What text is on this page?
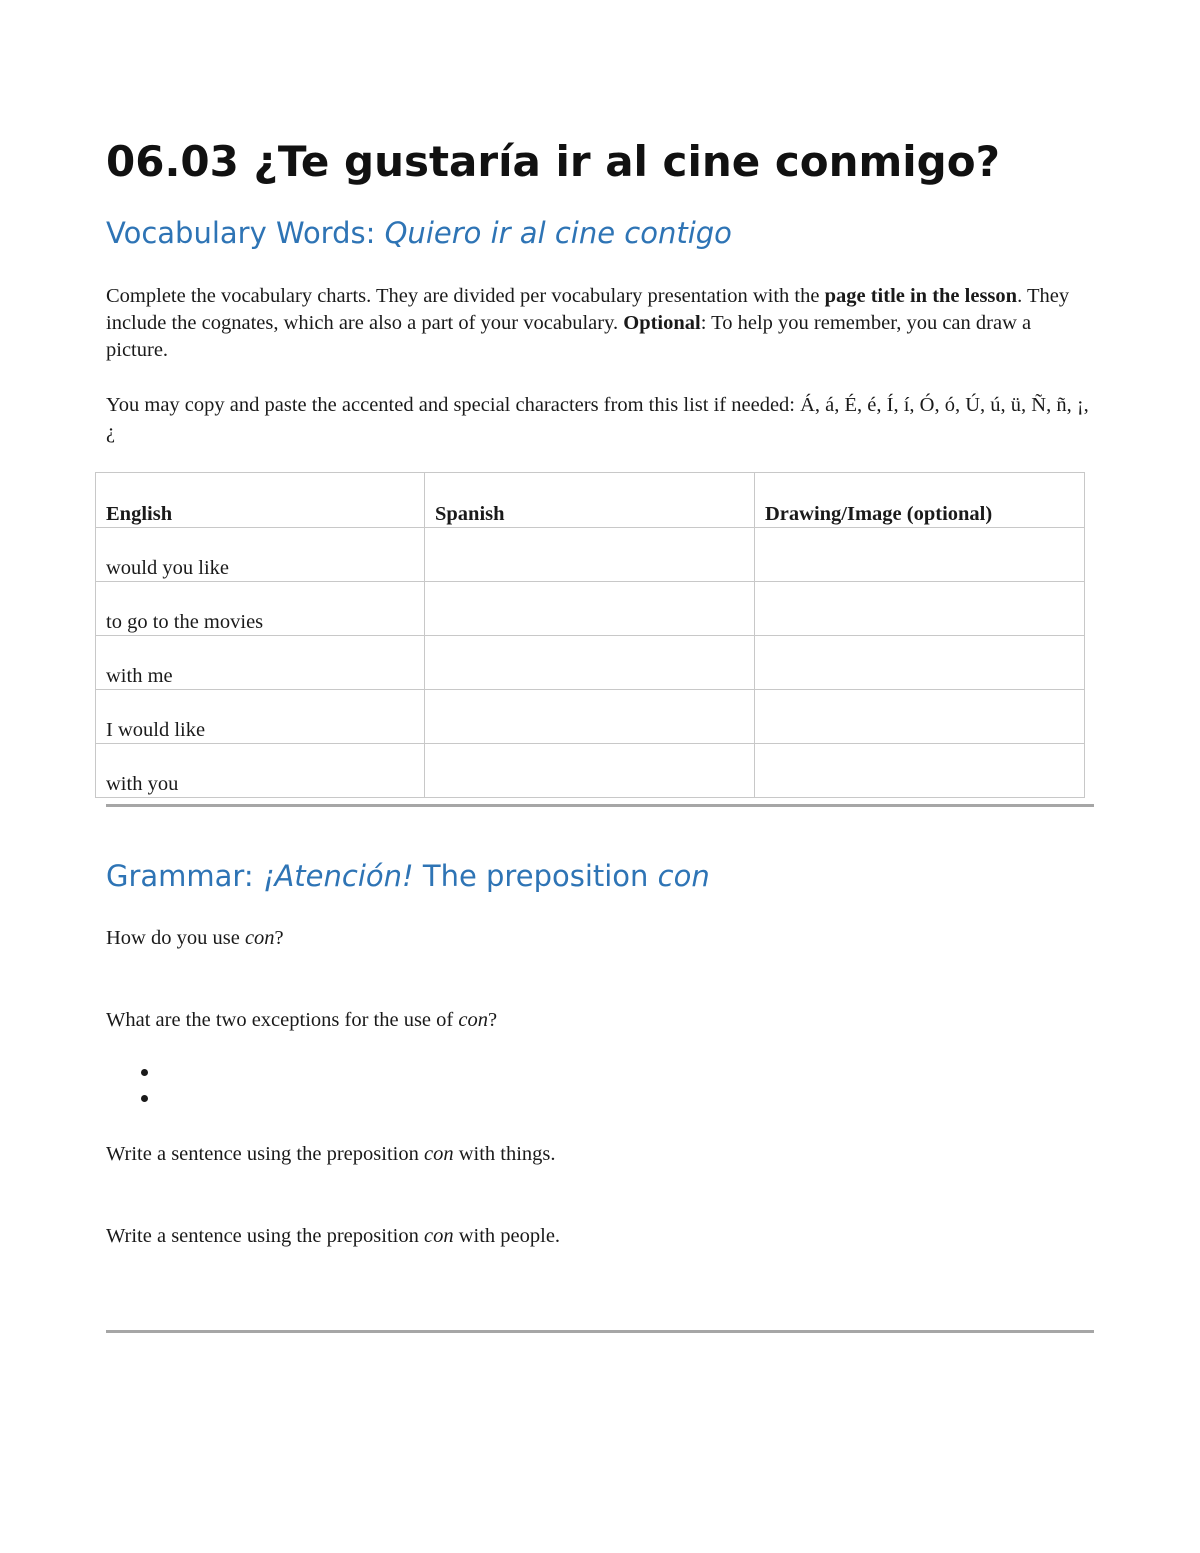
06.03 ¿Te gustaría ir al cine conmigo?
Vocabulary Words: Quiero ir al cine contigo

Complete the vocabulary charts. They are divided per vocabulary presentation with the page title in the lesson. They include the cognates, which are also a part of your vocabulary. Optional: To help you remember, you can draw a picture.

You may copy and paste the accented and special characters from this list if needed: Á, á, É, é, Í, í, Ó, ó, Ú, ú, ü, Ñ, ñ, ¡, ¿

English	Spanish	Drawing/Image (optional)
would you like		
to go to the movies		
with me		
I would like		
with you		
Grammar: ¡Atención! The preposition con

How do you use con?

What are the two exceptions for the use of con?

Write a sentence using the preposition con with things.

Write a sentence using the preposition con with people.
